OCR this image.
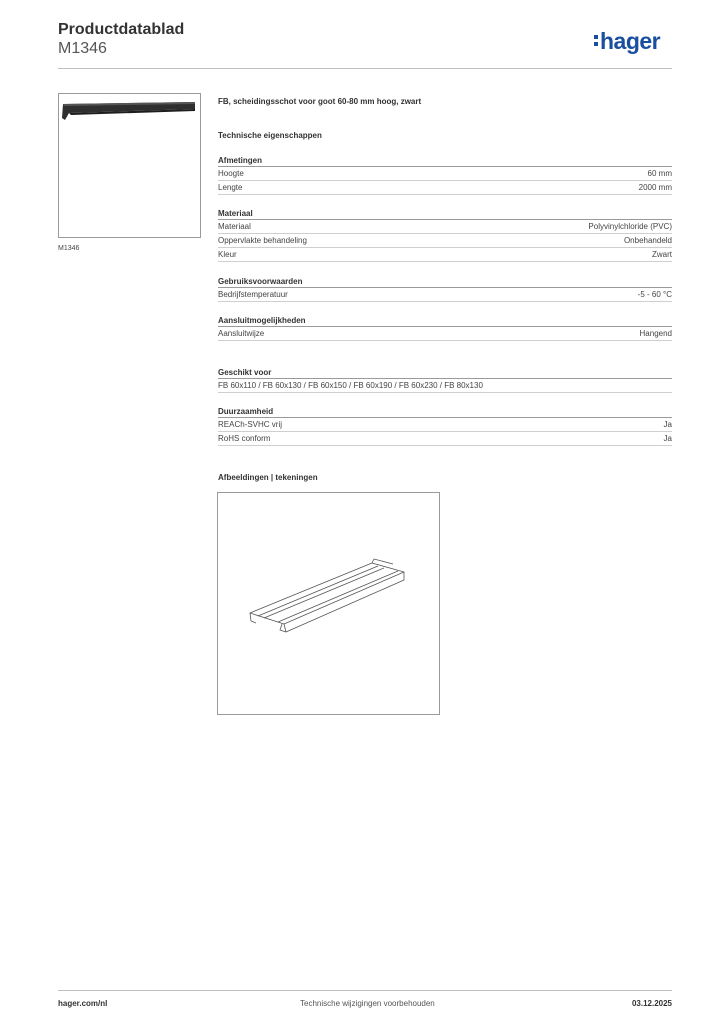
Productdatablad
M1346	hager
M1346
FB, scheidingsschot voor goot 60-80 mm hoog, zwart
Technische eigenschappen
Afmetingen
Hoogte	60 mm
Lengte	2000 mm
Materiaal
Materiaal	Polyvinylchloride (PVC)
Oppervlakte behandeling	Onbehandeld
Kleur	Zwart
Gebruiksvoorwaarden
Bedrijfstemperatuur	-5 - 60 °C
Aansluitmogelijkheden
Aansluitwijze	Hangend
Geschikt voor
FB 60x110 / FB 60x130 / FB 60x150 / FB 60x190 / FB 60x230 / FB 80x130
Duurzaamheid
REACh-SVHC vrij	Ja
RoHS conform	Ja
Afbeeldingen | tekeningen
hager.com/nl	Technische wijzigingen voorbehouden	03.12.2025
